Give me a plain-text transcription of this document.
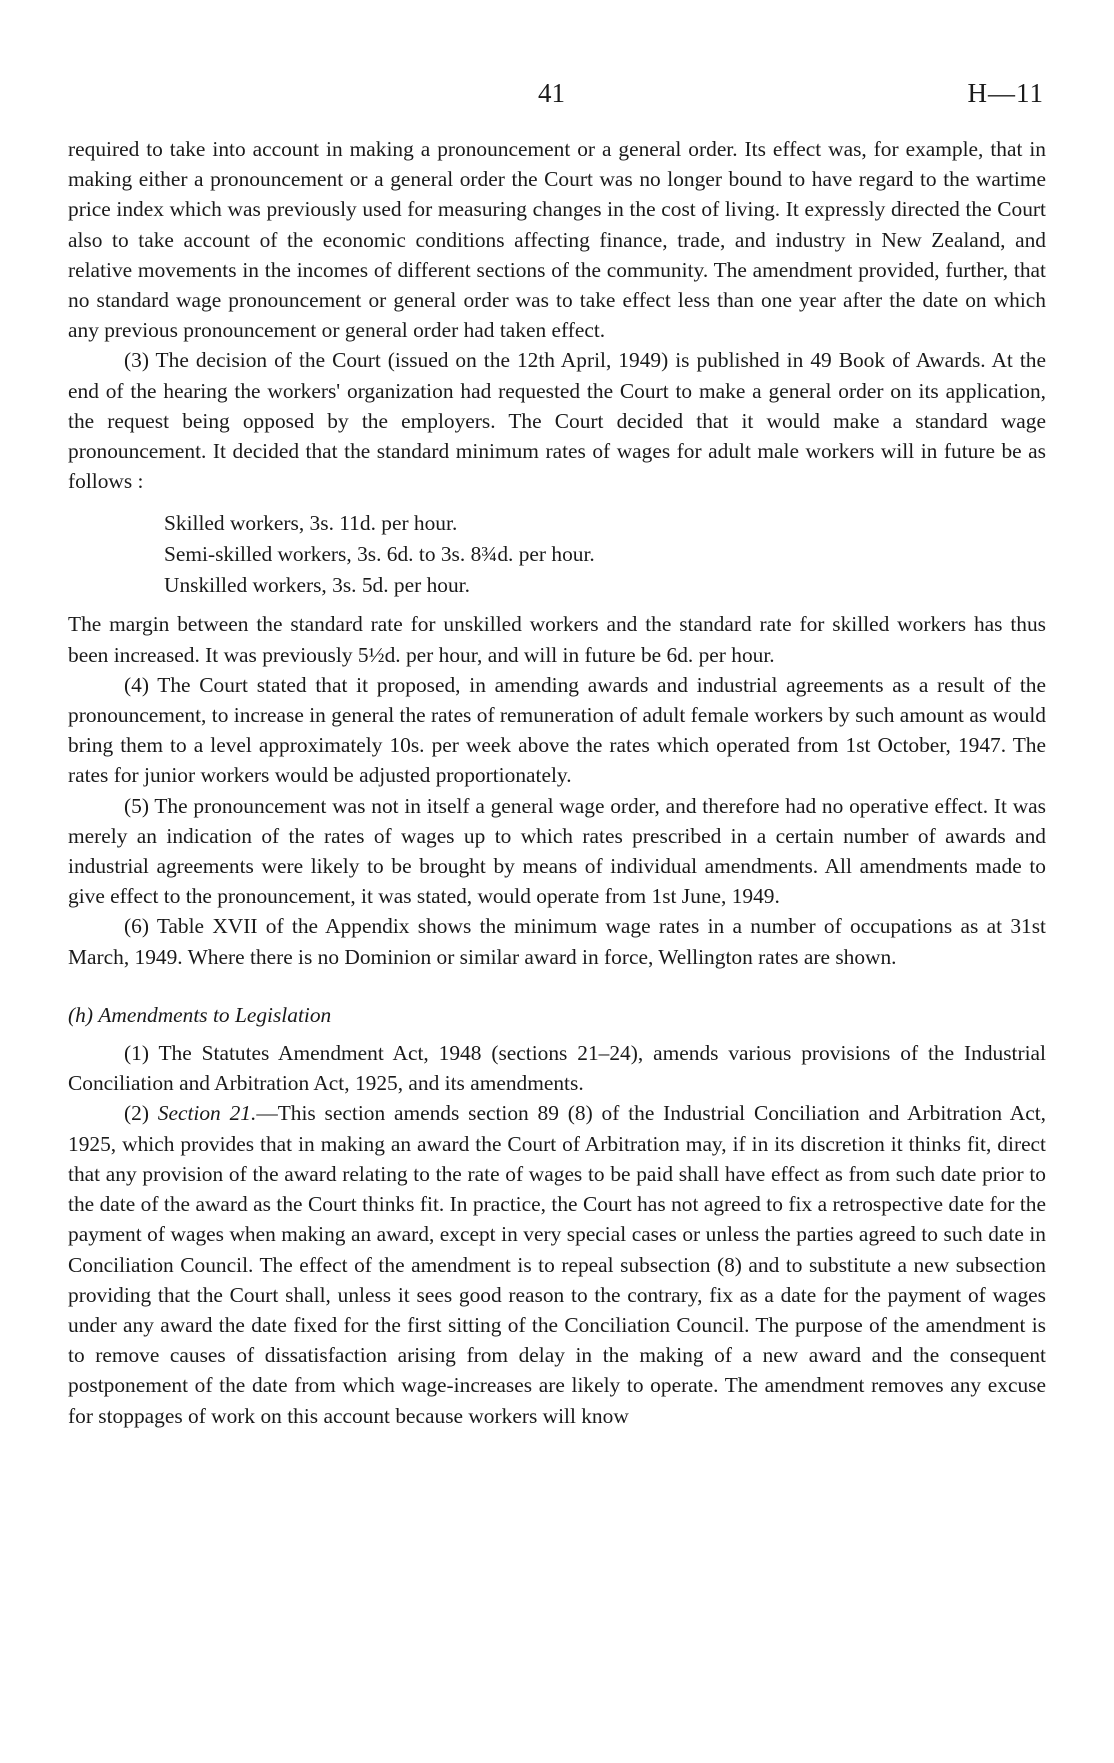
41	H—11

required to take into account in making a pronouncement or a general order. Its effect was, for example, that in making either a pronouncement or a general order the Court was no longer bound to have regard to the wartime price index which was previously used for measuring changes in the cost of living. It expressly directed the Court also to take account of the economic conditions affecting finance, trade, and industry in New Zealand, and relative movements in the incomes of different sections of the community. The amendment provided, further, that no standard wage pronouncement or general order was to take effect less than one year after the date on which any previous pronouncement or general order had taken effect.

(3) The decision of the Court (issued on the 12th April, 1949) is published in 49 Book of Awards. At the end of the hearing the workers' organization had requested the Court to make a general order on its application, the request being opposed by the employers. The Court decided that it would make a standard wage pronouncement. It decided that the standard minimum rates of wages for adult male workers will in future be as follows :

Skilled workers, 3s. 11d. per hour.
Semi-skilled workers, 3s. 6d. to 3s. 8¾d. per hour.
Unskilled workers, 3s. 5d. per hour.

The margin between the standard rate for unskilled workers and the standard rate for skilled workers has thus been increased. It was previously 5½d. per hour, and will in future be 6d. per hour.

(4) The Court stated that it proposed, in amending awards and industrial agreements as a result of the pronouncement, to increase in general the rates of remuneration of adult female workers by such amount as would bring them to a level approximately 10s. per week above the rates which operated from 1st October, 1947. The rates for junior workers would be adjusted proportionately.

(5) The pronouncement was not in itself a general wage order, and therefore had no operative effect. It was merely an indication of the rates of wages up to which rates prescribed in a certain number of awards and industrial agreements were likely to be brought by means of individual amendments. All amendments made to give effect to the pronouncement, it was stated, would operate from 1st June, 1949.

(6) Table XVII of the Appendix shows the minimum wage rates in a number of occupations as at 31st March, 1949. Where there is no Dominion or similar award in force, Wellington rates are shown.

(h) Amendments to Legislation

(1) The Statutes Amendment Act, 1948 (sections 21–24), amends various provisions of the Industrial Conciliation and Arbitration Act, 1925, and its amendments.

(2) Section 21.—This section amends section 89 (8) of the Industrial Conciliation and Arbitration Act, 1925, which provides that in making an award the Court of Arbitration may, if in its discretion it thinks fit, direct that any provision of the award relating to the rate of wages to be paid shall have effect as from such date prior to the date of the award as the Court thinks fit. In practice, the Court has not agreed to fix a retrospective date for the payment of wages when making an award, except in very special cases or unless the parties agreed to such date in Conciliation Council. The effect of the amendment is to repeal subsection (8) and to substitute a new subsection providing that the Court shall, unless it sees good reason to the contrary, fix as a date for the payment of wages under any award the date fixed for the first sitting of the Conciliation Council. The purpose of the amendment is to remove causes of dissatisfaction arising from delay in the making of a new award and the consequent postponement of the date from which wage-increases are likely to operate. The amendment removes any excuse for stoppages of work on this account because workers will know
